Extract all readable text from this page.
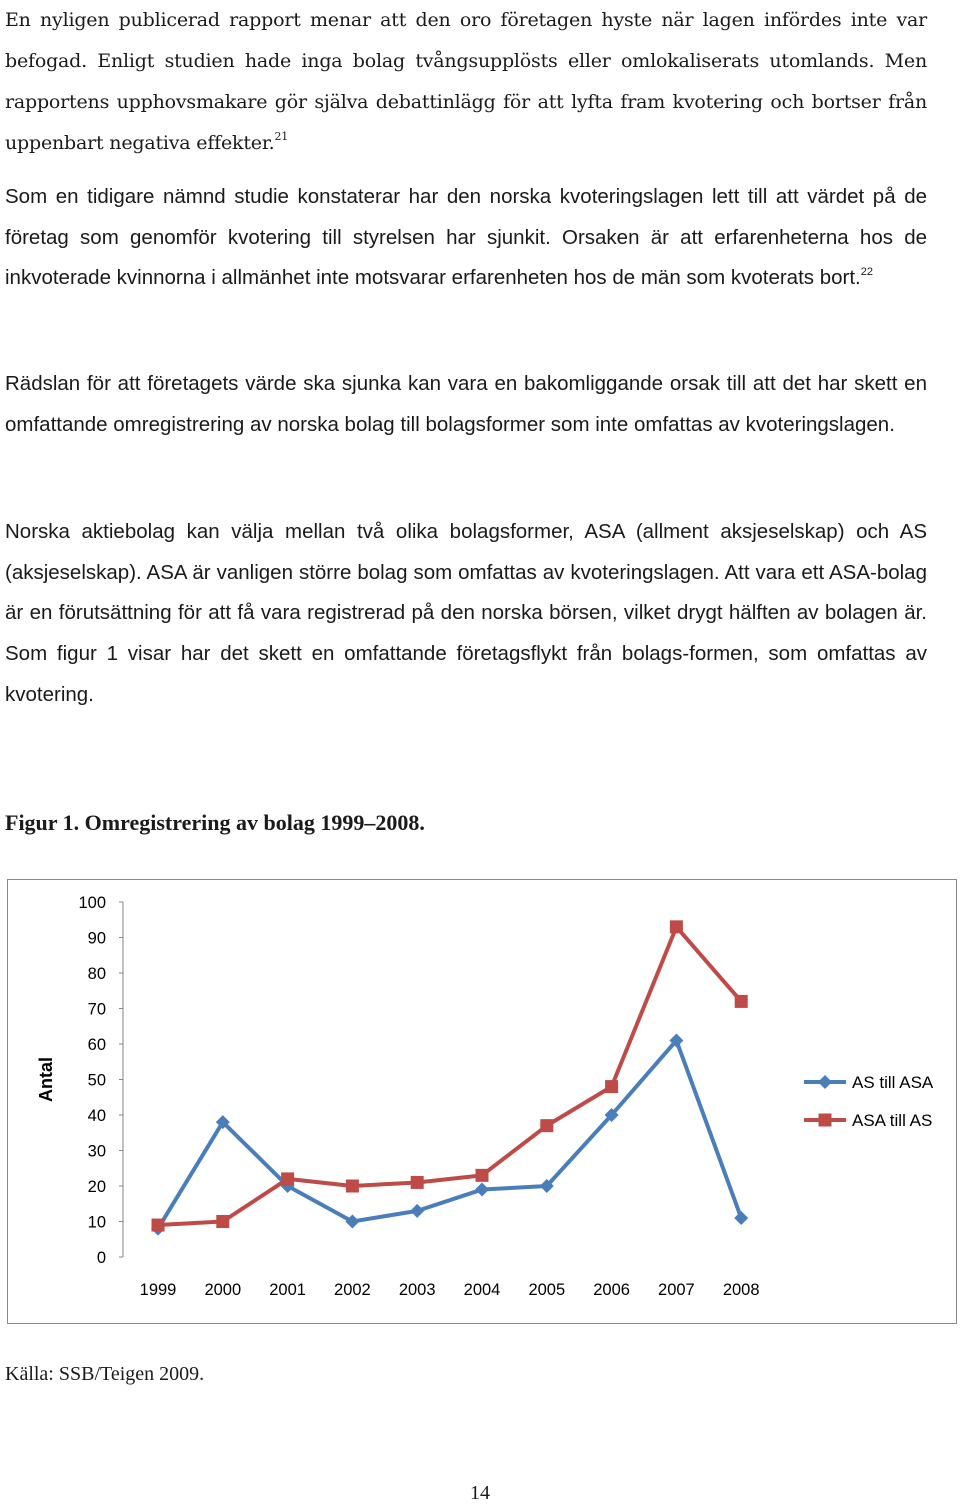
En nyligen publicerad rapport menar att den oro företagen hyste när lagen infördes inte var befogad. Enligt studien hade inga bolag tvångsupplösts eller omlokaliserats utomlands. Men rapportens upphovsmakare gör själva debattinlägg för att lyfta fram kvotering och bortser från uppenbart negativa effekter.$^{21}$

Som en tidigare nämnd studie konstaterar har den norska kvoteringslagen lett till att värdet på de företag som genomför kvotering till styrelsen har sjunkit. Orsaken är att erfarenheterna hos de inkvoterade kvinnorna i allmänhet inte motsvarar erfarenheten hos de män som kvoterats bort.$^{22}$

Rädslan för att företagets värde ska sjunka kan vara en bakomliggande orsak till att det har skett en omfattande omregistrering av norska bolag till bolagsformer som inte omfattas av kvoteringslagen.

Norska aktiebolag kan välja mellan två olika bolagsformer, ASA (allment aksjeselskap) och AS (aksjeselskap). ASA är vanligen större bolag som omfattas av kvoteringslagen. Att vara ett ASA-bolag är en förutsättning för att få vara registrerad på den norska börsen, vilket drygt hälften av bolagen är. Som figur 1 visar har det skett en omfattande företagsflykt från bolags-formen, som omfattas av kvotering.

Figur 1. Omregistrering av bolag 1999–2008.

0
10
20
30
40
50
60
70
80
90
100
Antal
1999 2000 2001 2002 2003 2004 2005 2006 2007 2008
AS till ASA
ASA till AS

Källa: SSB/Teigen 2009.

14
